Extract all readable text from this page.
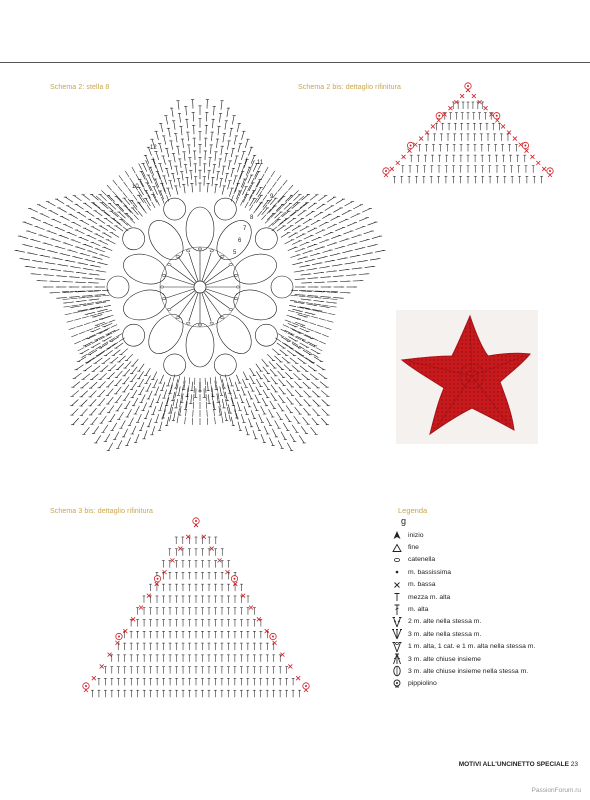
Schema 2: stella 8	Schema 2 bis: dettaglio rifinitura
Schema 3 bis: dettaglio rifinitura
12
11
10
9
8
7
6
5
Legenda
g
inizio
fine
catenella
m. bassissima
m. bassa
mezza m. alta
m. alta
2 m. alte nella stessa m.
3 m. alte nella stessa m.
1 m. alta, 1 cat. e 1 m. alta nella stessa m.
3 m. alte chiuse insieme
3 m. alte chiuse insieme nella stessa m.
pippiolino
MOTIVI ALL'UNCINETTO SPECIALE 23
PassionForum.ru
